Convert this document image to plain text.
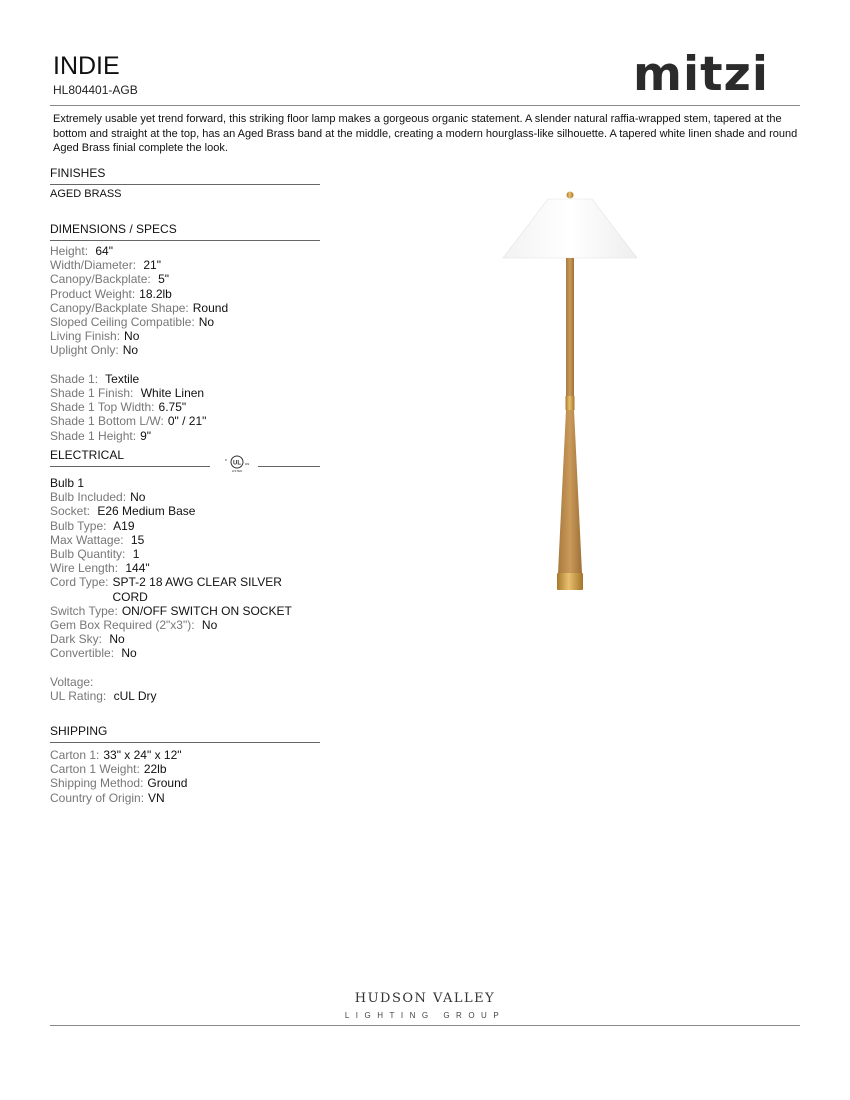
INDIE
HL804401-AGB	mitzi
Extremely usable yet trend forward, this striking floor lamp makes a gorgeous organic statement. A slender natural raffia-wrapped stem, tapered at the bottom and straight at the top, has an Aged Brass band at the middle, creating a modern hourglass-like silhouette. A tapered white linen shade and round Aged Brass finial complete the look.
FINISHES
AGED BRASS
DIMENSIONS / SPECS
Height: 64"
Width/Diameter: 21"
Canopy/Backplate: 5"
Product Weight: 18.2lb
Canopy/Backplate Shape: Round
Sloped Ceiling Compatible: No
Living Finish: No
Uplight Only: No
Shade 1: Textile
Shade 1 Finish: White Linen
Shade 1 Top Width: 6.75"
Shade 1 Bottom L/W: 0" / 21"
Shade 1 Height: 9"
ELECTRICAL
UL
c
us
LISTED
Bulb 1
Bulb Included: No
Socket: E26 Medium Base
Bulb Type: A19
Max Wattage: 15
Bulb Quantity: 1
Wire Length: 144"
Cord Type:SPT-2 18 AWG CLEAR SILVER CORD
Switch Type: ON/OFF SWITCH ON SOCKET
Gem Box Required (2"x3"): No
Dark Sky: No
Convertible: No
Voltage:
UL Rating: cUL Dry
SHIPPING
Carton 1: 33" x 24" x 12"
Carton 1 Weight: 22lb
Shipping Method: Ground
Country of Origin: VN
HUDSON VALLEY
LIGHTING GROUP
